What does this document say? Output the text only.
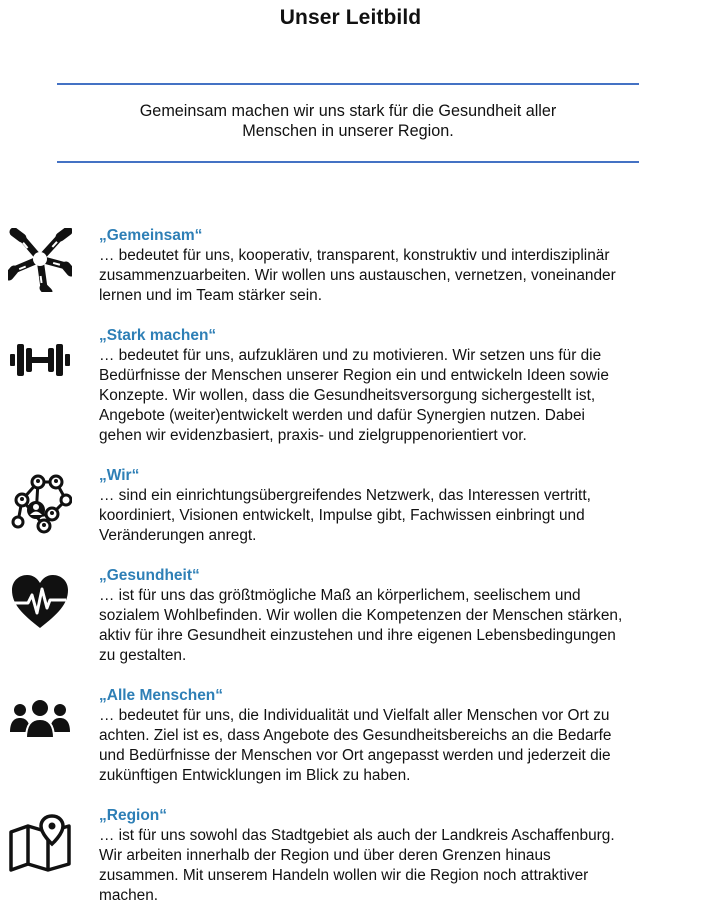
Unser Leitbild
Gemeinsam machen wir uns stark für die Gesundheit aller
Menschen in unserer Region.
„Gemeinsam“
… bedeutet für uns, kooperativ, transparent, konstruktiv und interdisziplinär
zusammenzuarbeiten. Wir wollen uns austauschen, vernetzen, voneinander
lernen und im Team stärker sein.
„Stark machen“
… bedeutet für uns, aufzuklären und zu motivieren. Wir setzen uns für die
Bedürfnisse der Menschen unserer Region ein und entwickeln Ideen sowie
Konzepte. Wir wollen, dass die Gesundheitsversorgung sichergestellt ist,
Angebote (weiter)entwickelt werden und dafür Synergien nutzen. Dabei
gehen wir evidenzbasiert, praxis- und zielgruppenorientiert vor.
„Wir“
… sind ein einrichtungsübergreifendes Netzwerk, das Interessen vertritt,
koordiniert, Visionen entwickelt, Impulse gibt, Fachwissen einbringt und
Veränderungen anregt.
„Gesundheit“
… ist für uns das größtmögliche Maß an körperlichem, seelischem und
sozialem Wohlbefinden. Wir wollen die Kompetenzen der Menschen stärken,
aktiv für ihre Gesundheit einzustehen und ihre eigenen Lebensbedingungen
zu gestalten.
„Alle Menschen“
… bedeutet für uns, die Individualität und Vielfalt aller Menschen vor Ort zu
achten. Ziel ist es, dass Angebote des Gesundheitsbereichs an die Bedarfe
und Bedürfnisse der Menschen vor Ort angepasst werden und jederzeit die
zukünftigen Entwicklungen im Blick zu haben.
„Region“
… ist für uns sowohl das Stadtgebiet als auch der Landkreis Aschaffenburg.
Wir arbeiten innerhalb der Region und über deren Grenzen hinaus
zusammen. Mit unserem Handeln wollen wir die Region noch attraktiver
machen.
